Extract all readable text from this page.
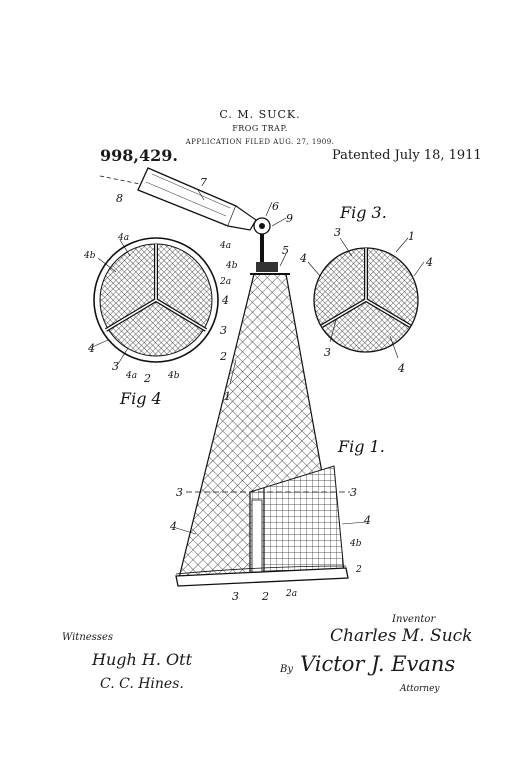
C. M. SUCK.
FROG TRAP.
APPLICATION FILED AUG. 27, 1909.
998,429.	Patented July 18, 1911
7
8
6
9
5
1
3	3
4	4
4b
2
3 2 2a
4b
4a
4a
4b
2a
4
3
2
4
3
4a 2 4b
3	1
4	4
3
4
Fig 3.
Fig 4
Fig 1.
Witnesses
Hugh H. Ott
C. C. Hines.
Inventor
Charles M. Suck
By Victor J. Evans
Attorney
